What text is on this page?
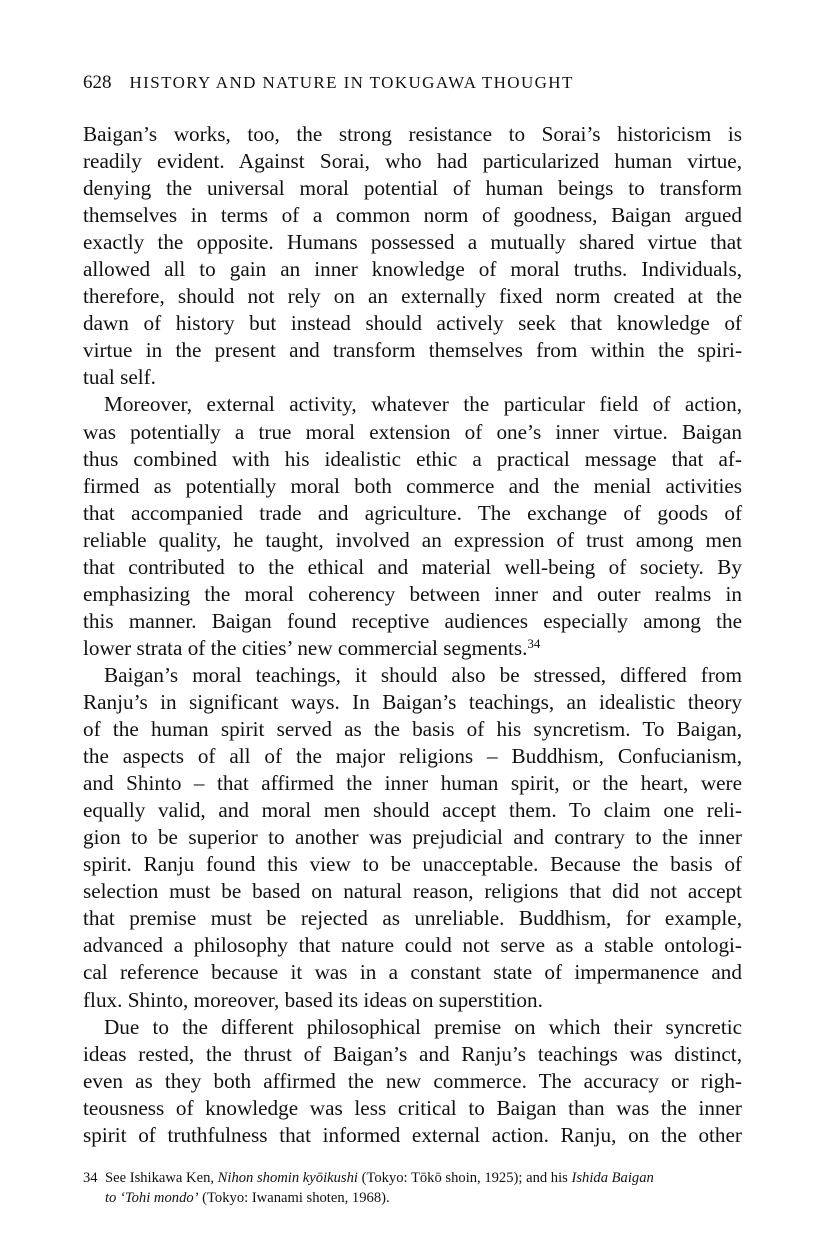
628 HISTORY AND NATURE IN TOKUGAWA THOUGHT

Baigan’s works, too, the strong resistance to Sorai’s historicism is

readily evident. Against Sorai, who had particularized human virtue,

denying the universal moral potential of human beings to transform

themselves in terms of a common norm of goodness, Baigan argued

exactly the opposite. Humans possessed a mutually shared virtue that

allowed all to gain an inner knowledge of moral truths. Individuals,

therefore, should not rely on an externally fixed norm created at the

dawn of history but instead should actively seek that knowledge of

virtue in the present and transform themselves from within the spiri-

tual self.

Moreover, external activity, whatever the particular field of action,

was potentially a true moral extension of one’s inner virtue. Baigan

thus combined with his idealistic ethic a practical message that af-

firmed as potentially moral both commerce and the menial activities

that accompanied trade and agriculture. The exchange of goods of

reliable quality, he taught, involved an expression of trust among men

that contributed to the ethical and material well-being of society. By

emphasizing the moral coherency between inner and outer realms in

this manner. Baigan found receptive audiences especially among the

lower strata of the cities’ new commercial segments.$^{34}$

Baigan’s moral teachings, it should also be stressed, differed from

Ranju’s in significant ways. In Baigan’s teachings, an idealistic theory

of the human spirit served as the basis of his syncretism. To Baigan,

the aspects of all of the major religions – Buddhism, Confucianism,

and Shinto – that affirmed the inner human spirit, or the heart, were

equally valid, and moral men should accept them. To claim one reli-

gion to be superior to another was prejudicial and contrary to the inner

spirit. Ranju found this view to be unacceptable. Because the basis of

selection must be based on natural reason, religions that did not accept

that premise must be rejected as unreliable. Buddhism, for example,

advanced a philosophy that nature could not serve as a stable ontologi-

cal reference because it was in a constant state of impermanence and

flux. Shinto, moreover, based its ideas on superstition.

Due to the different philosophical premise on which their syncretic

ideas rested, the thrust of Baigan’s and Ranju’s teachings was distinct,

even as they both affirmed the new commerce. The accuracy or righ-

teousness of knowledge was less critical to Baigan than was the inner

spirit of truthfulness that informed external action. Ranju, on the other

34 See Ishikawa Ken, Nihon shomin kyōikushi (Tokyo: Tōkō shoin, 1925); and his Ishida Baigan
to ‘Tohi mondo’ (Tokyo: Iwanami shoten, 1968).
